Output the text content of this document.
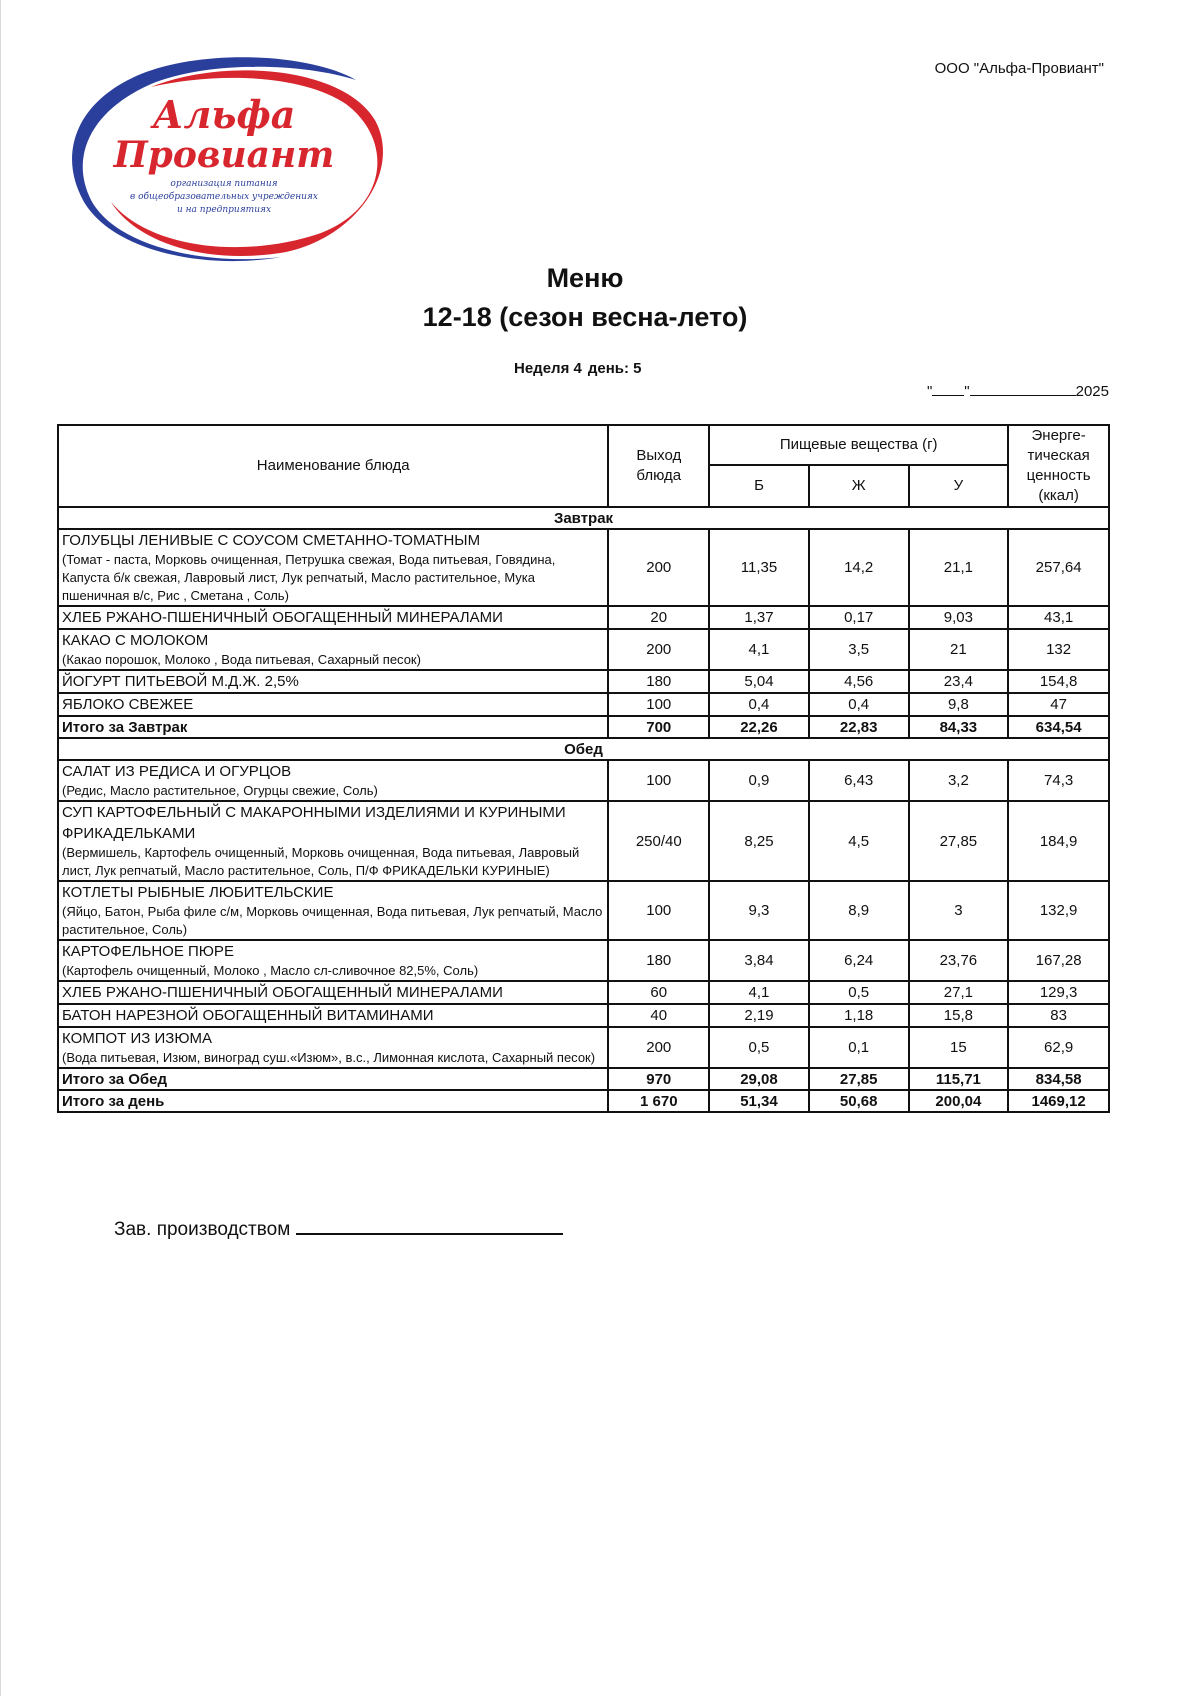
ООО "Альфа-Провиант"
Альфа
Провиант
организация питания
в общеобразовательных учреждениях
и на предприятиях
Меню
12-18 (сезон весна-лето)
Неделя 4 день: 5
" "	2025
Наименование блюда	Выход блюда	Пищевые вещества (г)			Энерге-тическая ценность (ккал)
		Б	Ж	У	
Завтрак					

ГОЛУБЦЫ ЛЕНИВЫЕ С СОУСОМ СМЕТАННО-ТОМАТНЫМ
(Томат - паста, Морковь очищенная, Петрушка свежая, Вода питьевая, Говядина, Капуста б/к свежая, Лавровый лист, Лук репчатый, Масло растительное, Мука пшеничная в/с, Рис , Сметана , Соль)	200	11,35	14,2	21,1	257,64

ХЛЕБ РЖАНО-ПШЕНИЧНЫЙ ОБОГАЩЕННЫЙ МИНЕРАЛАМИ	20	1,37	0,17	9,03	43,1

КАКАО С МОЛОКОМ
(Какао порошок, Молоко , Вода питьевая, Сахарный песок)	200	4,1	3,5	21	132

ЙОГУРТ ПИТЬЕВОЙ М.Д.Ж. 2,5%	180	5,04	4,56	23,4	154,8

ЯБЛОКО СВЕЖЕЕ	100	0,4	0,4	9,8	47
Итого за Завтрак	700	22,26	22,83	84,33	634,54
Обед					

САЛАТ ИЗ РЕДИСА И ОГУРЦОВ
(Редис, Масло растительное, Огурцы свежие, Соль)	100	0,9	6,43	3,2	74,3

СУП КАРТОФЕЛЬНЫЙ С МАКАРОННЫМИ ИЗДЕЛИЯМИ И КУРИНЫМИ ФРИКАДЕЛЬКАМИ
(Вермишель, Картофель очищенный, Морковь очищенная, Вода питьевая, Лавровый лист, Лук репчатый, Масло растительное, Соль, П/Ф ФРИКАДЕЛЬКИ КУРИНЫЕ)	250/40	8,25	4,5	27,85	184,9

КОТЛЕТЫ РЫБНЫЕ ЛЮБИТЕЛЬСКИЕ
(Яйцо, Батон, Рыба филе с/м, Морковь очищенная, Вода питьевая, Лук репчатый, Масло растительное, Соль)	100	9,3	8,9	3	132,9

КАРТОФЕЛЬНОЕ ПЮРЕ
(Картофель очищенный, Молоко , Масло сл-сливочное 82,5%, Соль)	180	3,84	6,24	23,76	167,28

ХЛЕБ РЖАНО-ПШЕНИЧНЫЙ ОБОГАЩЕННЫЙ МИНЕРАЛАМИ	60	4,1	0,5	27,1	129,3

БАТОН НАРЕЗНОЙ ОБОГАЩЕННЫЙ ВИТАМИНАМИ	40	2,19	1,18	15,8	83

КОМПОТ ИЗ ИЗЮМА
(Вода питьевая, Изюм, виноград суш.«Изюм», в.с., Лимонная кислота, Сахарный песок)	200	0,5	0,1	15	62,9
Итого за Обед	970	29,08	27,85	115,71	834,58
Итого за день	1 670	51,34	50,68	200,04	1469,12
Зав. производством
